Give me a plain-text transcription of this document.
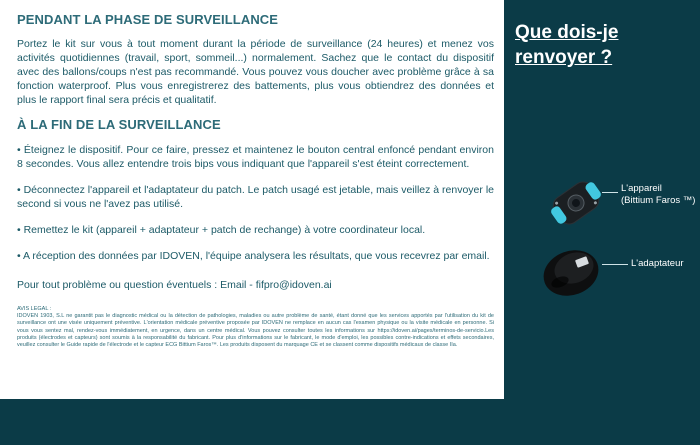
PENDANT LA PHASE DE SURVEILLANCE

Portez le kit sur vous à tout moment durant la période de surveillance (24 heures) et menez vos activités quotidiennes (travail, sport, sommeil...) normalement. Sachez que le contact du dispositif avec des ballons/coups n'est pas recommandé. Vous pouvez vous doucher avec problème grâce à sa fonction waterproof. Plus vous enregistrerez des battements, plus vous obtiendrez des données et plus le rapport final sera précis et qualitatif.

À LA FIN DE LA SURVEILLANCE

• Éteignez le dispositif. Pour ce faire, pressez et maintenez le bouton central enfoncé pendant environ 8 secondes. Vous allez entendre trois bips vous indiquant que l'appareil s'est éteint correctement.

• Déconnectez l'appareil et l'adaptateur du patch. Le patch usagé est jetable, mais veillez à renvoyer le second si vous ne l'avez pas utilisé.

• Remettez le kit (appareil + adaptateur + patch de rechange) à votre coordinateur local.

• A réception des données par IDOVEN, l'équipe analysera les résultats, que vous recevrez par email.

Pour tout problème ou question éventuels : Email - fifpro@idoven.ai

AVIS LEGAL :

IDOVEN 1903, S.L ne garantit pas le diagnostic médical ou la détection de pathologies, maladies ou autre problème de santé, étant donné que les services apportés par l'utilisation du kit de surveillance ont une visée uniquement préventive. L'orientation médicale préventive proposée par IDOVEN ne remplace en aucun cas l'examen physique ou la visite médicale en personne. Si vous vous sentez mal, rendez-vous immédiatement, en urgence, dans un centre médical. Vous pouvez consulter toutes les informations sur https://idoven.ai/pages/terminos-de-servicio.Les produits (électrodes et capteurs) sont soumis à la responsabilité du fabricant. Pour plus d'informations sur le fabricant, le mode d'emploi, les possibles contre-indications et effets secondaires, veuillez consulter le Guide rapide de l'électrode et le capteur ECG Bittium Faros™. Les produits disposent du marquage CE et se classent comme dispositifs médicaux de classe IIa.

Que dois-je
renvoyer ?
L'appareil
(Bittium Faros ™)
L'adaptateur
